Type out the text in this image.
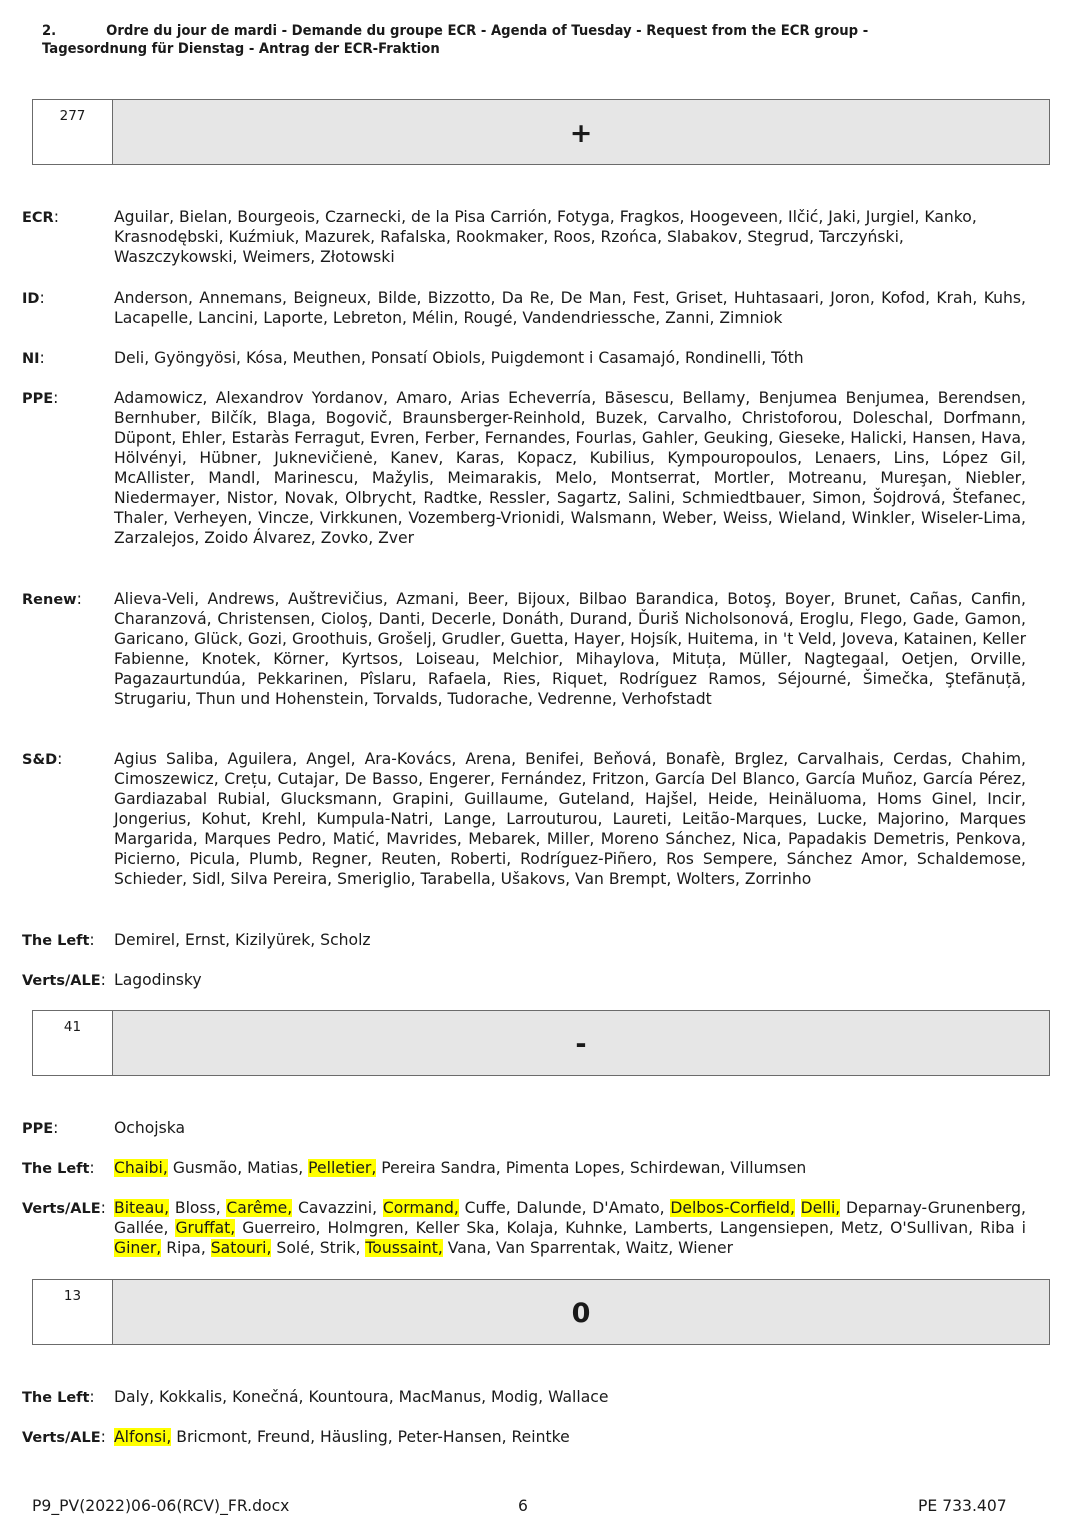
2.	Ordre du jour de mardi - Demande du groupe ECR - Agenda of Tuesday - Request from the ECR group - Tagesordnung für Dienstag - Antrag der ECR-Fraktion
277
+
ECR:	Aguilar, Bielan, Bourgeois, Czarnecki, de la Pisa Carrión, Fotyga, Fragkos, Hoogeveen, Ilčić, Jaki, Jurgiel, Kanko, Krasnodębski, Kuźmiuk, Mazurek, Rafalska, Rookmaker, Roos, Rzońca, Slabakov, Stegrud, Tarczyński, Waszczykowski, Weimers, Złotowski
ID:	Anderson, Annemans, Beigneux, Bilde, Bizzotto, Da Re, De Man, Fest, Griset, Huhtasaari, Joron, Kofod, Krah, Kuhs, Lacapelle, Lancini, Laporte, Lebreton, Mélin, Rougé, Vandendriessche, Zanni, Zimniok
NI:	Deli, Gyöngyösi, Kósa, Meuthen, Ponsatí Obiols, Puigdemont i Casamajó, Rondinelli, Tóth
PPE:	Adamowicz, Alexandrov Yordanov, Amaro, Arias Echeverría, Băsescu, Bellamy, Benjumea Benjumea, Berendsen, Bernhuber, Bilčík, Blaga, Bogovič, Braunsberger-Reinhold, Buzek, Carvalho, Christoforou, Doleschal, Dorfmann, Düpont, Ehler, Estaràs Ferragut, Evren, Ferber, Fernandes, Fourlas, Gahler, Geuking, Gieseke, Halicki, Hansen, Hava, Hölvényi, Hübner, Juknevičienė, Kanev, Karas, Kopacz, Kubilius, Kympouropoulos, Lenaers, Lins, López Gil, McAllister, Mandl, Marinescu, Mažylis, Meimarakis, Melo, Montserrat, Mortler, Motreanu, Mureşan, Niebler, Niedermayer, Nistor, Novak, Olbrycht, Radtke, Ressler, Sagartz, Salini, Schmiedtbauer, Simon, Šojdrová, Štefanec, Thaler, Verheyen, Vincze, Virkkunen, Vozemberg-Vrionidi, Walsmann, Weber, Weiss, Wieland, Winkler, Wiseler-Lima, Zarzalejos, Zoido Álvarez, Zovko, Zver
Renew:	Alieva-Veli, Andrews, Auštrevičius, Azmani, Beer, Bijoux, Bilbao Barandica, Botoş, Boyer, Brunet, Cañas, Canfin, Charanzová, Christensen, Cioloş, Danti, Decerle, Donáth, Durand, Ďuriš Nicholsonová, Eroglu, Flego, Gade, Gamon, Garicano, Glück, Gozi, Groothuis, Grošelj, Grudler, Guetta, Hayer, Hojsík, Huitema, in 't Veld, Joveva, Katainen, Keller Fabienne, Knotek, Körner, Kyrtsos, Loiseau, Melchior, Mihaylova, Mituța, Müller, Nagtegaal, Oetjen, Orville, Pagazaurtundúa, Pekkarinen, Pîslaru, Rafaela, Ries, Riquet, Rodríguez Ramos, Séjourné, Šimečka, Ştefănuță, Strugariu, Thun und Hohenstein, Torvalds, Tudorache, Vedrenne, Verhofstadt
S&D:	Agius Saliba, Aguilera, Angel, Ara-Kovács, Arena, Benifei, Beňová, Bonafè, Brglez, Carvalhais, Cerdas, Chahim, Cimoszewicz, Crețu, Cutajar, De Basso, Engerer, Fernández, Fritzon, García Del Blanco, García Muñoz, García Pérez, Gardiazabal Rubial, Glucksmann, Grapini, Guillaume, Guteland, Hajšel, Heide, Heinäluoma, Homs Ginel, Incir, Jongerius, Kohut, Krehl, Kumpula-Natri, Lange, Larrouturou, Laureti, Leitão-Marques, Lucke, Majorino, Marques Margarida, Marques Pedro, Matić, Mavrides, Mebarek, Miller, Moreno Sánchez, Nica, Papadakis Demetris, Penkova, Picierno, Picula, Plumb, Regner, Reuten, Roberti, Rodríguez-Piñero, Ros Sempere, Sánchez Amor, Schaldemose, Schieder, Sidl, Silva Pereira, Smeriglio, Tarabella, Ušakovs, Van Brempt, Wolters, Zorrinho
The Left:	Demirel, Ernst, Kizilyürek, Scholz
Verts/ALE: Lagodinsky
41
-
PPE:	Ochojska
The Left:	Chaibi, Gusmão, Matias, Pelletier, Pereira Sandra, Pimenta Lopes, Schirdewan, Villumsen
Verts/ALE: Biteau, Bloss, Carême, Cavazzini, Cormand, Cuffe, Dalunde, D'Amato, Delbos-Corfield, Delli, Deparnay-Grunenberg, Gallée, Gruffat, Guerreiro, Holmgren, Keller Ska, Kolaja, Kuhnke, Lamberts, Langensiepen, Metz, O'Sullivan, Riba i Giner, Ripa, Satouri, Solé, Strik, Toussaint, Vana, Van Sparrentak, Waitz, Wiener
13
0
The Left:	Daly, Kokkalis, Konečná, Kountoura, MacManus, Modig, Wallace
Verts/ALE: Alfonsi, Bricmont, Freund, Häusling, Peter-Hansen, Reintke
P9_PV(2022)06-06(RCV)_FR.docx	6	PE 733.407
